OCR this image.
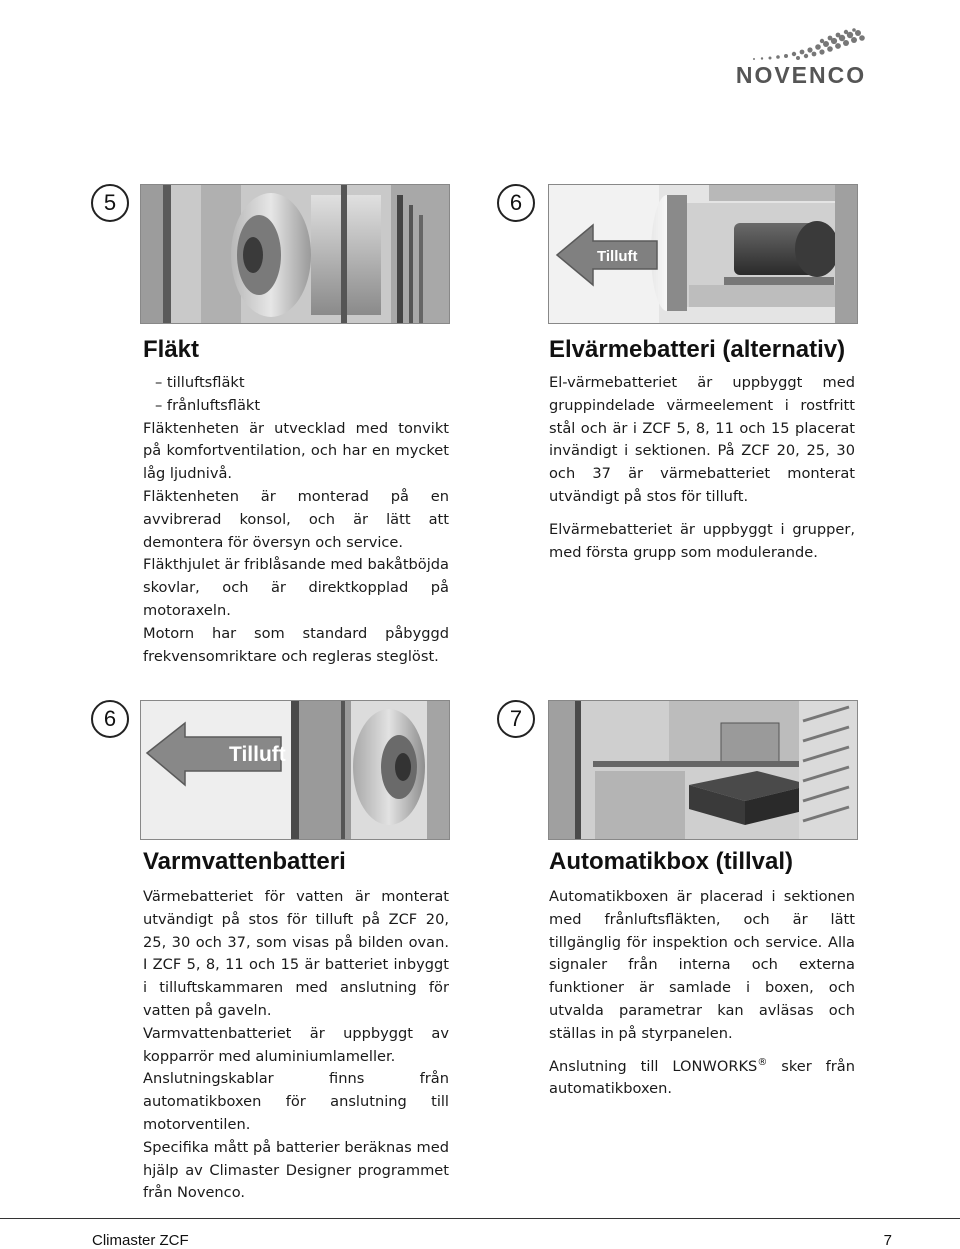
NOVENCO
5
Fläkt

– tilluftsfläkt

– frånluftsfläkt

Fläktenheten är utvecklad med tonvikt på komfortventilation, och har en mycket låg ljudnivå.

Fläktenheten är monterad på en avvibrerad konsol, och är lätt att demontera för översyn och service.

Fläkthjulet är friblåsande med bakåtböjda skovlar, och är direktkopplad på motoraxeln.

Motorn har som standard påbyggd frekvensomriktare och regleras steglöst.

6
Tilluft
Elvärmebatteri (alternativ)

El-värmebatteriet är uppbyggt med gruppindelade värmeelement i rostfritt stål och är i ZCF 5, 8, 11 och 15 placerat invändigt i sektionen. På ZCF 20, 25, 30 och 37 är värmebatteriet monterat utvändigt på stos för tilluft.

Elvärmebatteriet är uppbyggt i grupper, med första grupp som modulerande.

6
Tilluft
Varmvattenbatteri

Värmebatteriet för vatten är monterat utvändigt på stos för tilluft på ZCF 20, 25, 30 och 37, som visas på bilden ovan. I ZCF 5, 8, 11 och 15 är batteriet inbyggt i tilluftskammaren med anslutning för vatten på gaveln.

Varmvattenbatteriet är uppbyggt av kopparrör med aluminiumlameller.

Anslutningskablar finns från automatikboxen för anslutning till motorventilen.

Specifika mått på batterier beräknas med hjälp av Climaster Designer programmet från Novenco.

7
Automatikbox (tillval)

Automatikboxen är placerad i sektionen med frånluftsfläkten, och är lätt tillgänglig för inspektion och service. Alla signaler från interna och externa funktioner är samlade i boxen, och utvalda parametrar kan avläsas och ställas in på styrpanelen.

Anslutning till LONWORKS® sker från automatikboxen.

Climaster ZCF	7
